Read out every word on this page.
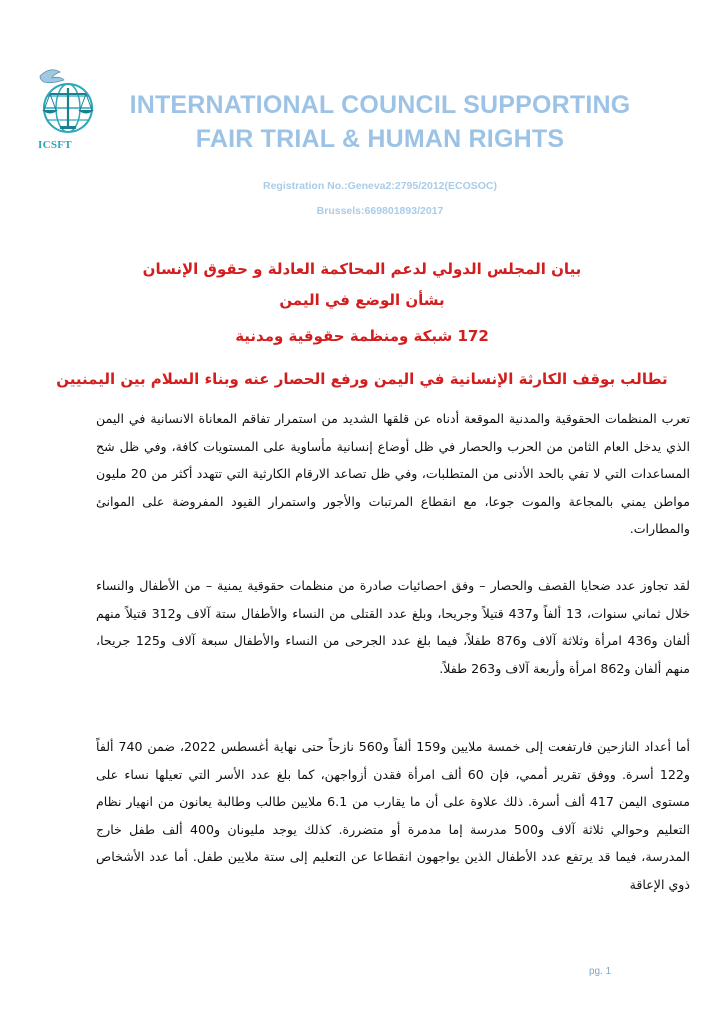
ICSFT
INTERNATIONAL COUNCIL SUPPORTING
FAIR TRIAL & HUMAN RIGHTS
Registration No.:Geneva2:2795/2012(ECOSOC)
Brussels:669801893/2017
بيان المجلس الدولي لدعم المحاكمة العادلة و حقوق الإنسان
بشأن الوضع في اليمن
172 شبكة ومنظمة حقوقية ومدنية
تطالب بوقف الكارثة الإنسانية في اليمن ورفع الحصار عنه وبناء السلام بين اليمنيين
تعرب المنظمات الحقوقية والمدنية الموقعة أدناه عن قلقها الشديد من استمرار تفاقم المعاناة الانسانية في اليمن الذي يدخل العام الثامن من الحرب والحصار في ظل أوضاع إنسانية مأساوية على المستويات كافة، وفي ظل شح المساعدات التي لا تفي بالحد الأدنى من المتطلبات، وفي ظل تصاعد الارقام الكارثية التي تتهدد أكثر من 20 مليون مواطن يمني بالمجاعة والموت جوعا، مع انقطاع المرتبات والأجور واستمرار القيود المفروضة على الموانئ والمطارات.
لقد تجاوز عدد ضحايا القصف والحصار – وفق احصائيات صادرة من منظمات حقوقية يمنية – من الأطفال والنساء خلال ثماني سنوات، 13 ألفاً و437 قتيلاً وجريحا، وبلغ عدد القتلى من النساء والأطفال ستة آلاف و312 قتيلاً منهم ألفان و436 امرأة وثلاثة آلاف و876 طفلاً، فيما بلغ عدد الجرحى من النساء والأطفال سبعة آلاف و125 جريحا، منهم ألفان و862 امرأة وأربعة آلاف و263 طفلاً.
أما أعداد النازحين فارتفعت إلى خمسة ملايين و159 ألفاً و560 نازحاً حتى نهاية أغسطس 2022، ضمن 740 ألفاً و122 أسرة. ووفق تقرير أممي، فإن 60 ألف امرأة فقدن أزواجهن، كما بلغ عدد الأسر التي تعيلها نساء على مستوى اليمن 417 ألف أسرة. ذلك علاوة على أن ما يقارب من 6.1 ملايين طالب وطالبة يعانون من انهيار نظام التعليم وحوالي ثلاثة آلاف و500 مدرسة إما مدمرة أو متضررة. كذلك يوجد مليونان و400 ألف طفل خارج المدرسة، فيما قد يرتفع عدد الأطفال الذين يواجهون انقطاعا عن التعليم إلى ستة ملايين طفل. أما عدد الأشخاص ذوي الإعاقة
pg. 1
